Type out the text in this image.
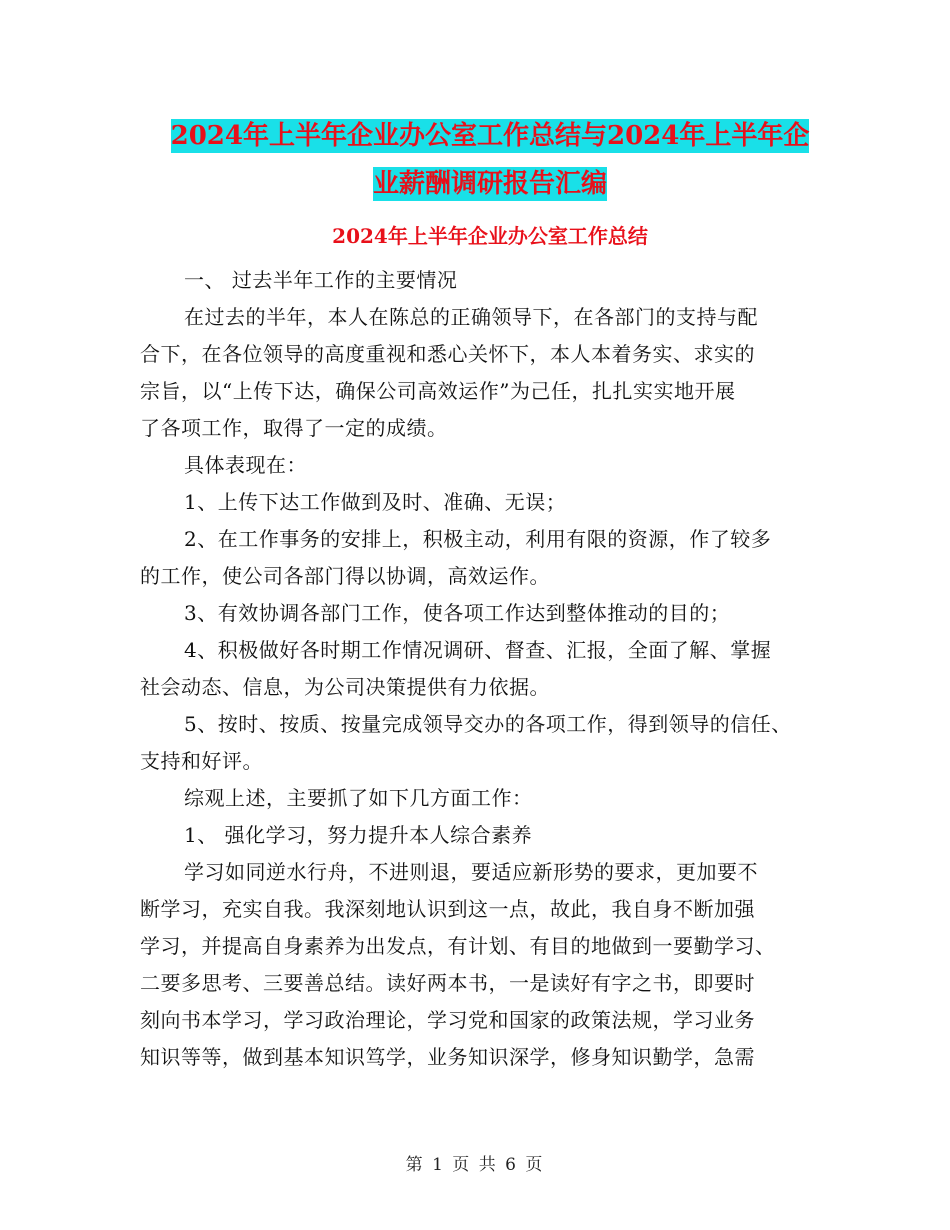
2024年上半年企业办公室工作总结与2024年上半年企
业薪酬调研报告汇编
2024年上半年企业办公室工作总结
一、 过去半年工作的主要情况
在过去的半年，本人在陈总的正确领导下，在各部门的支持与配
合下，在各位领导的高度重视和悉心关怀下，本人本着务实、求实的
宗旨，以“上传下达，确保公司高效运作”为己任，扎扎实实地开展
了各项工作，取得了一定的成绩。
具体表现在：
1、上传下达工作做到及时、准确、无误；
2、在工作事务的安排上，积极主动，利用有限的资源，作了较多
的工作，使公司各部门得以协调，高效运作。
3、有效协调各部门工作，使各项工作达到整体推动的目的；
4、积极做好各时期工作情况调研、督查、汇报，全面了解、掌握
社会动态、信息，为公司决策提供有力依据。
5、按时、按质、按量完成领导交办的各项工作，得到领导的信任、
支持和好评。
综观上述，主要抓了如下几方面工作：
1、 强化学习，努力提升本人综合素养
学习如同逆水行舟，不进则退，要适应新形势的要求，更加要不
断学习，充实自我。我深刻地认识到这一点，故此，我自身不断加强
学习，并提高自身素养为出发点，有计划、有目的地做到一要勤学习、
二要多思考、三要善总结。读好两本书，一是读好有字之书，即要时
刻向书本学习，学习政治理论，学习党和国家的政策法规，学习业务
知识等等，做到基本知识笃学，业务知识深学，修身知识勤学，急需
第 1 页 共 6 页
